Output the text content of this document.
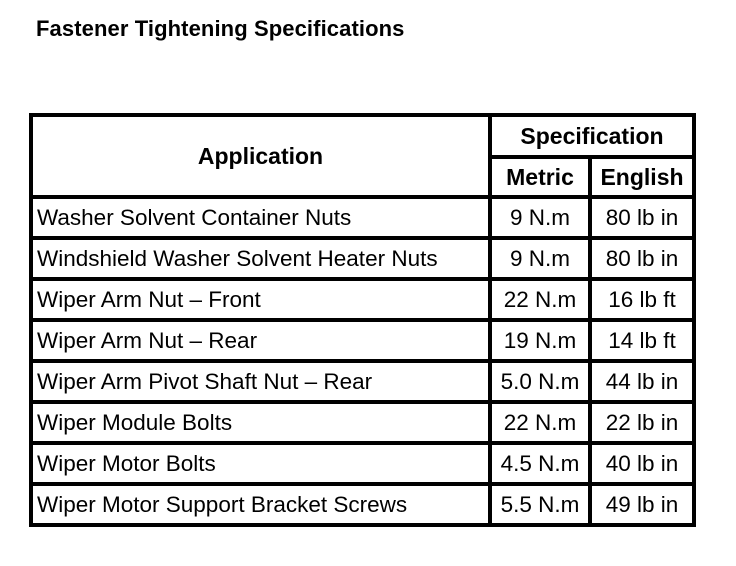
Fastener Tightening Specifications
Application	Specification	
	Metric	English
Washer Solvent Container Nuts	9 N.m	80 lb in
Windshield Washer Solvent Heater Nuts	9 N.m	80 lb in
Wiper Arm Nut – Front	22 N.m	16 lb ft
Wiper Arm Nut – Rear	19 N.m	14 lb ft
Wiper Arm Pivot Shaft Nut – Rear	5.0 N.m	44 lb in
Wiper Module Bolts	22 N.m	22 lb in
Wiper Motor Bolts	4.5 N.m	40 lb in
Wiper Motor Support Bracket Screws	5.5 N.m	49 lb in
